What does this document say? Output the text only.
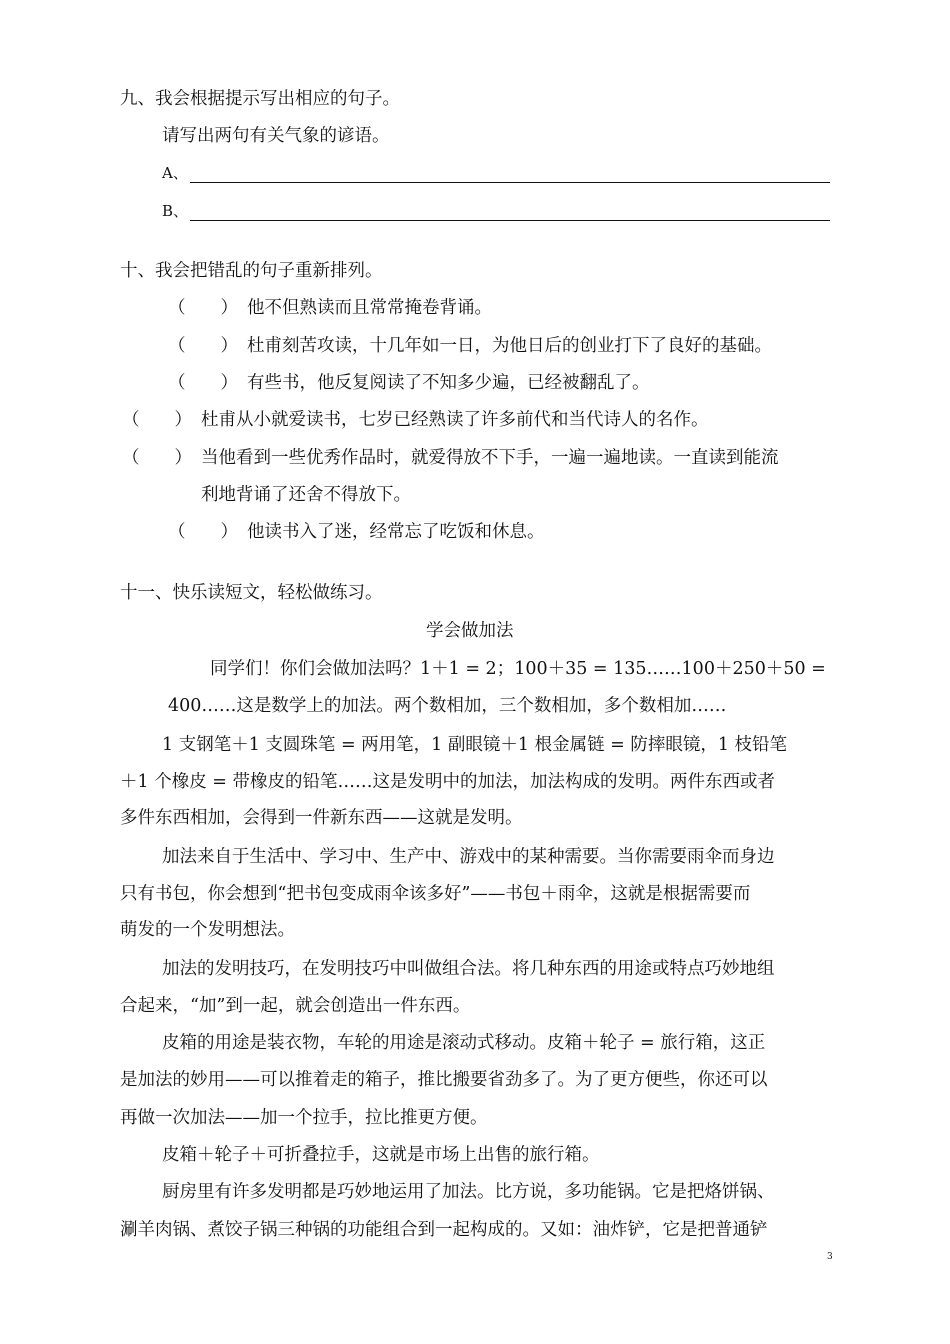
九、我会根据提示写出相应的句子。
请写出两句有关气象的谚语。
A、
B、
十、我会把错乱的句子重新排列。
（　　） 他不但熟读而且常常掩卷背诵。
（　　） 杜甫刻苦攻读，十几年如一日，为他日后的创业打下了良好的基础。
（　　） 有些书，他反复阅读了不知多少遍，已经被翻乱了。
（　　） 杜甫从小就爱读书，七岁已经熟读了许多前代和当代诗人的名作。
（　　） 当他看到一些优秀作品时，就爱得放不下手，一遍一遍地读。一直读到能流
利地背诵了还舍不得放下。
（　　） 他读书入了迷，经常忘了吃饭和休息。
十一、快乐读短文，轻松做练习。
学会做加法
同学们！你们会做加法吗？1＋1 = 2；100＋35 = 135……100＋250＋50 =
400……这是数学上的加法。两个数相加，三个数相加，多个数相加……
1 支钢笔＋1 支圆珠笔 = 两用笔，1 副眼镜＋1 根金属链 = 防摔眼镜，1 枝铅笔
＋1 个橡皮 = 带橡皮的铅笔……这是发明中的加法，加法构成的发明。两件东西或者
多件东西相加，会得到一件新东西——这就是发明。
加法来自于生活中、学习中、生产中、游戏中的某种需要。当你需要雨伞而身边
只有书包，你会想到“把书包变成雨伞该多好”——书包＋雨伞，这就是根据需要而
萌发的一个发明想法。
加法的发明技巧，在发明技巧中叫做组合法。将几种东西的用途或特点巧妙地组
合起来，“加”到一起，就会创造出一件东西。
皮箱的用途是装衣物，车轮的用途是滚动式移动。皮箱＋轮子 = 旅行箱，这正
是加法的妙用——可以推着走的箱子，推比搬要省劲多了。为了更方便些，你还可以
再做一次加法——加一个拉手，拉比推更方便。
皮箱＋轮子＋可折叠拉手，这就是市场上出售的旅行箱。
厨房里有许多发明都是巧妙地运用了加法。比方说，多功能锅。它是把烙饼锅、
涮羊肉锅、煮饺子锅三种锅的功能组合到一起构成的。又如：油炸铲，它是把普通铲
3
